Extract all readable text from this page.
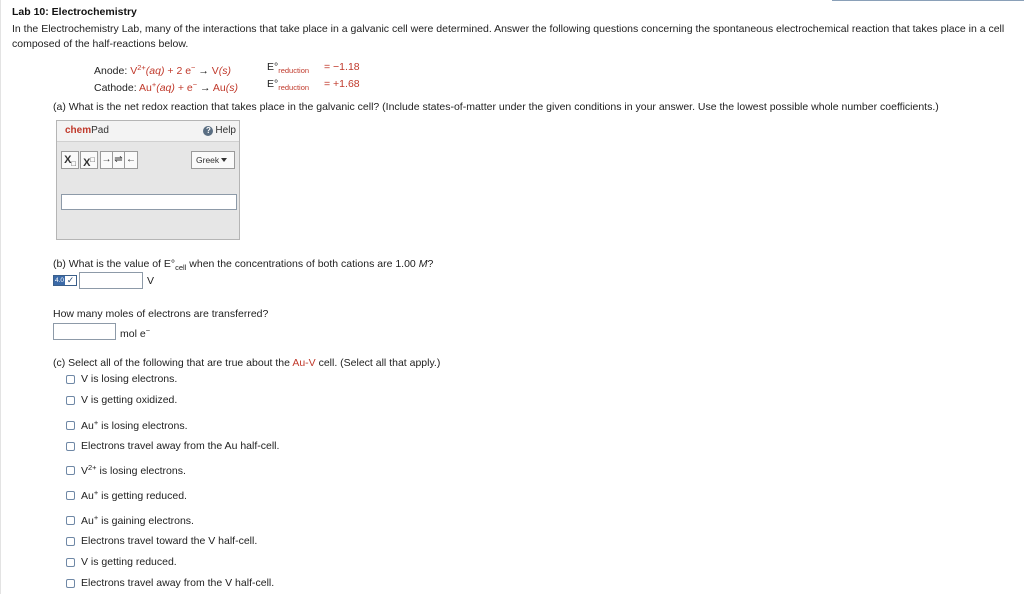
Lab 10: Electrochemistry
In the Electrochemistry Lab, many of the interactions that take place in a galvanic cell were determined. Answer the following questions concerning the spontaneous electrochemical reaction that takes place in a cell composed of the half-reactions below.
Anode: $V^{2+}(aq) + 2$ e− → V(s)	$E^\circ_{reduction} = -1.18$
Cathode: Au+(aq) + e− → Au(s)	$E^\circ_{reduction} = +1.68$
(a) What is the net redox reaction that takes place in the galvanic cell? (Include states-of-matter under the given conditions in your answer. Use the lowest possible whole number coefficients.)
chemPad	? Help
$X_□$ X□ → ⇌ ←	Greek
(b) What is the value of $E^\circ_{cell}$ when the concentrations of both cations are 1.00 M?
4.0 ✓	V
How many moles of electrons are transferred?
mol e−
(c) Select all of the following that are true about the Au-V cell. (Select all that apply.)
V is losing electrons.
V is getting oxidized.
Au+ is losing electrons.
Electrons travel away from the Au half-cell.
$V^{2+}$ is losing electrons.
Au+ is getting reduced.
Au+ is gaining electrons.
Electrons travel toward the V half-cell.
V is getting reduced.
Electrons travel away from the V half-cell.
